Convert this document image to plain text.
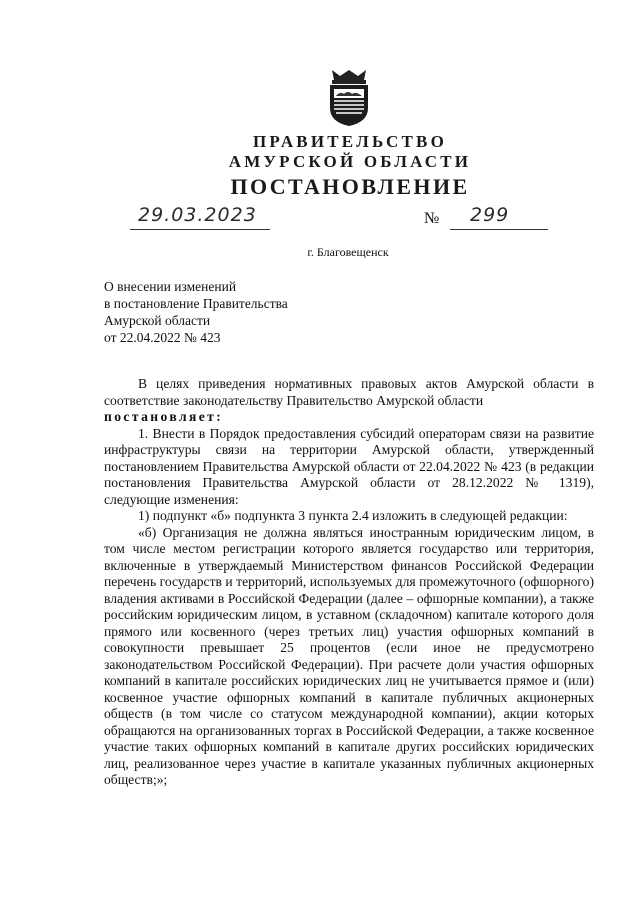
ПРАВИТЕЛЬСТВО
АМУРСКОЙ ОБЛАСТИ
ПОСТАНОВЛЕНИЕ
29.03.2023	№ 299
г. Благовещенск
О внесении изменений
в постановление Правительства
Амурской области
от 22.04.2022 № 423

В целях приведения нормативных правовых актов Амурской области в соответствие законодательству Правительство Амурской области

постановляет:

1. Внести в Порядок предоставления субсидий операторам связи на развитие инфраструктуры связи на территории Амурской области, утвержденный постановлением Правительства Амурской области от 22.04.2022 № 423 (в редакции постановления Правительства Амурской области от 28.12.2022 № 1319), следующие изменения:

1) подпункт «б» подпункта 3 пункта 2.4 изложить в следующей редакции:

«б) Организация не должна являться иностранным юридическим лицом, в том числе местом регистрации которого является государство или территория, включенные в утверждаемый Министерством финансов Российской Федерации перечень государств и территорий, используемых для промежуточного (офшорного) владения активами в Российской Федерации (далее – офшорные компании), а также российским юридическим лицом, в уставном (складочном) капитале которого доля прямого или косвенного (через третьих лиц) участия офшорных компаний в совокупности превышает 25 процентов (если иное не предусмотрено законодательством Российской Федерации). При расчете доли участия офшорных компаний в капитале российских юридических лиц не учитывается прямое и (или) косвенное участие офшорных компаний в капитале публичных акционерных обществ (в том числе со статусом международной компании), акции которых обращаются на организованных торгах в Российской Федерации, а также косвенное участие таких офшорных компаний в капитале других российских юридических лиц, реализованное через участие в капитале указанных публичных акционерных обществ;»;
